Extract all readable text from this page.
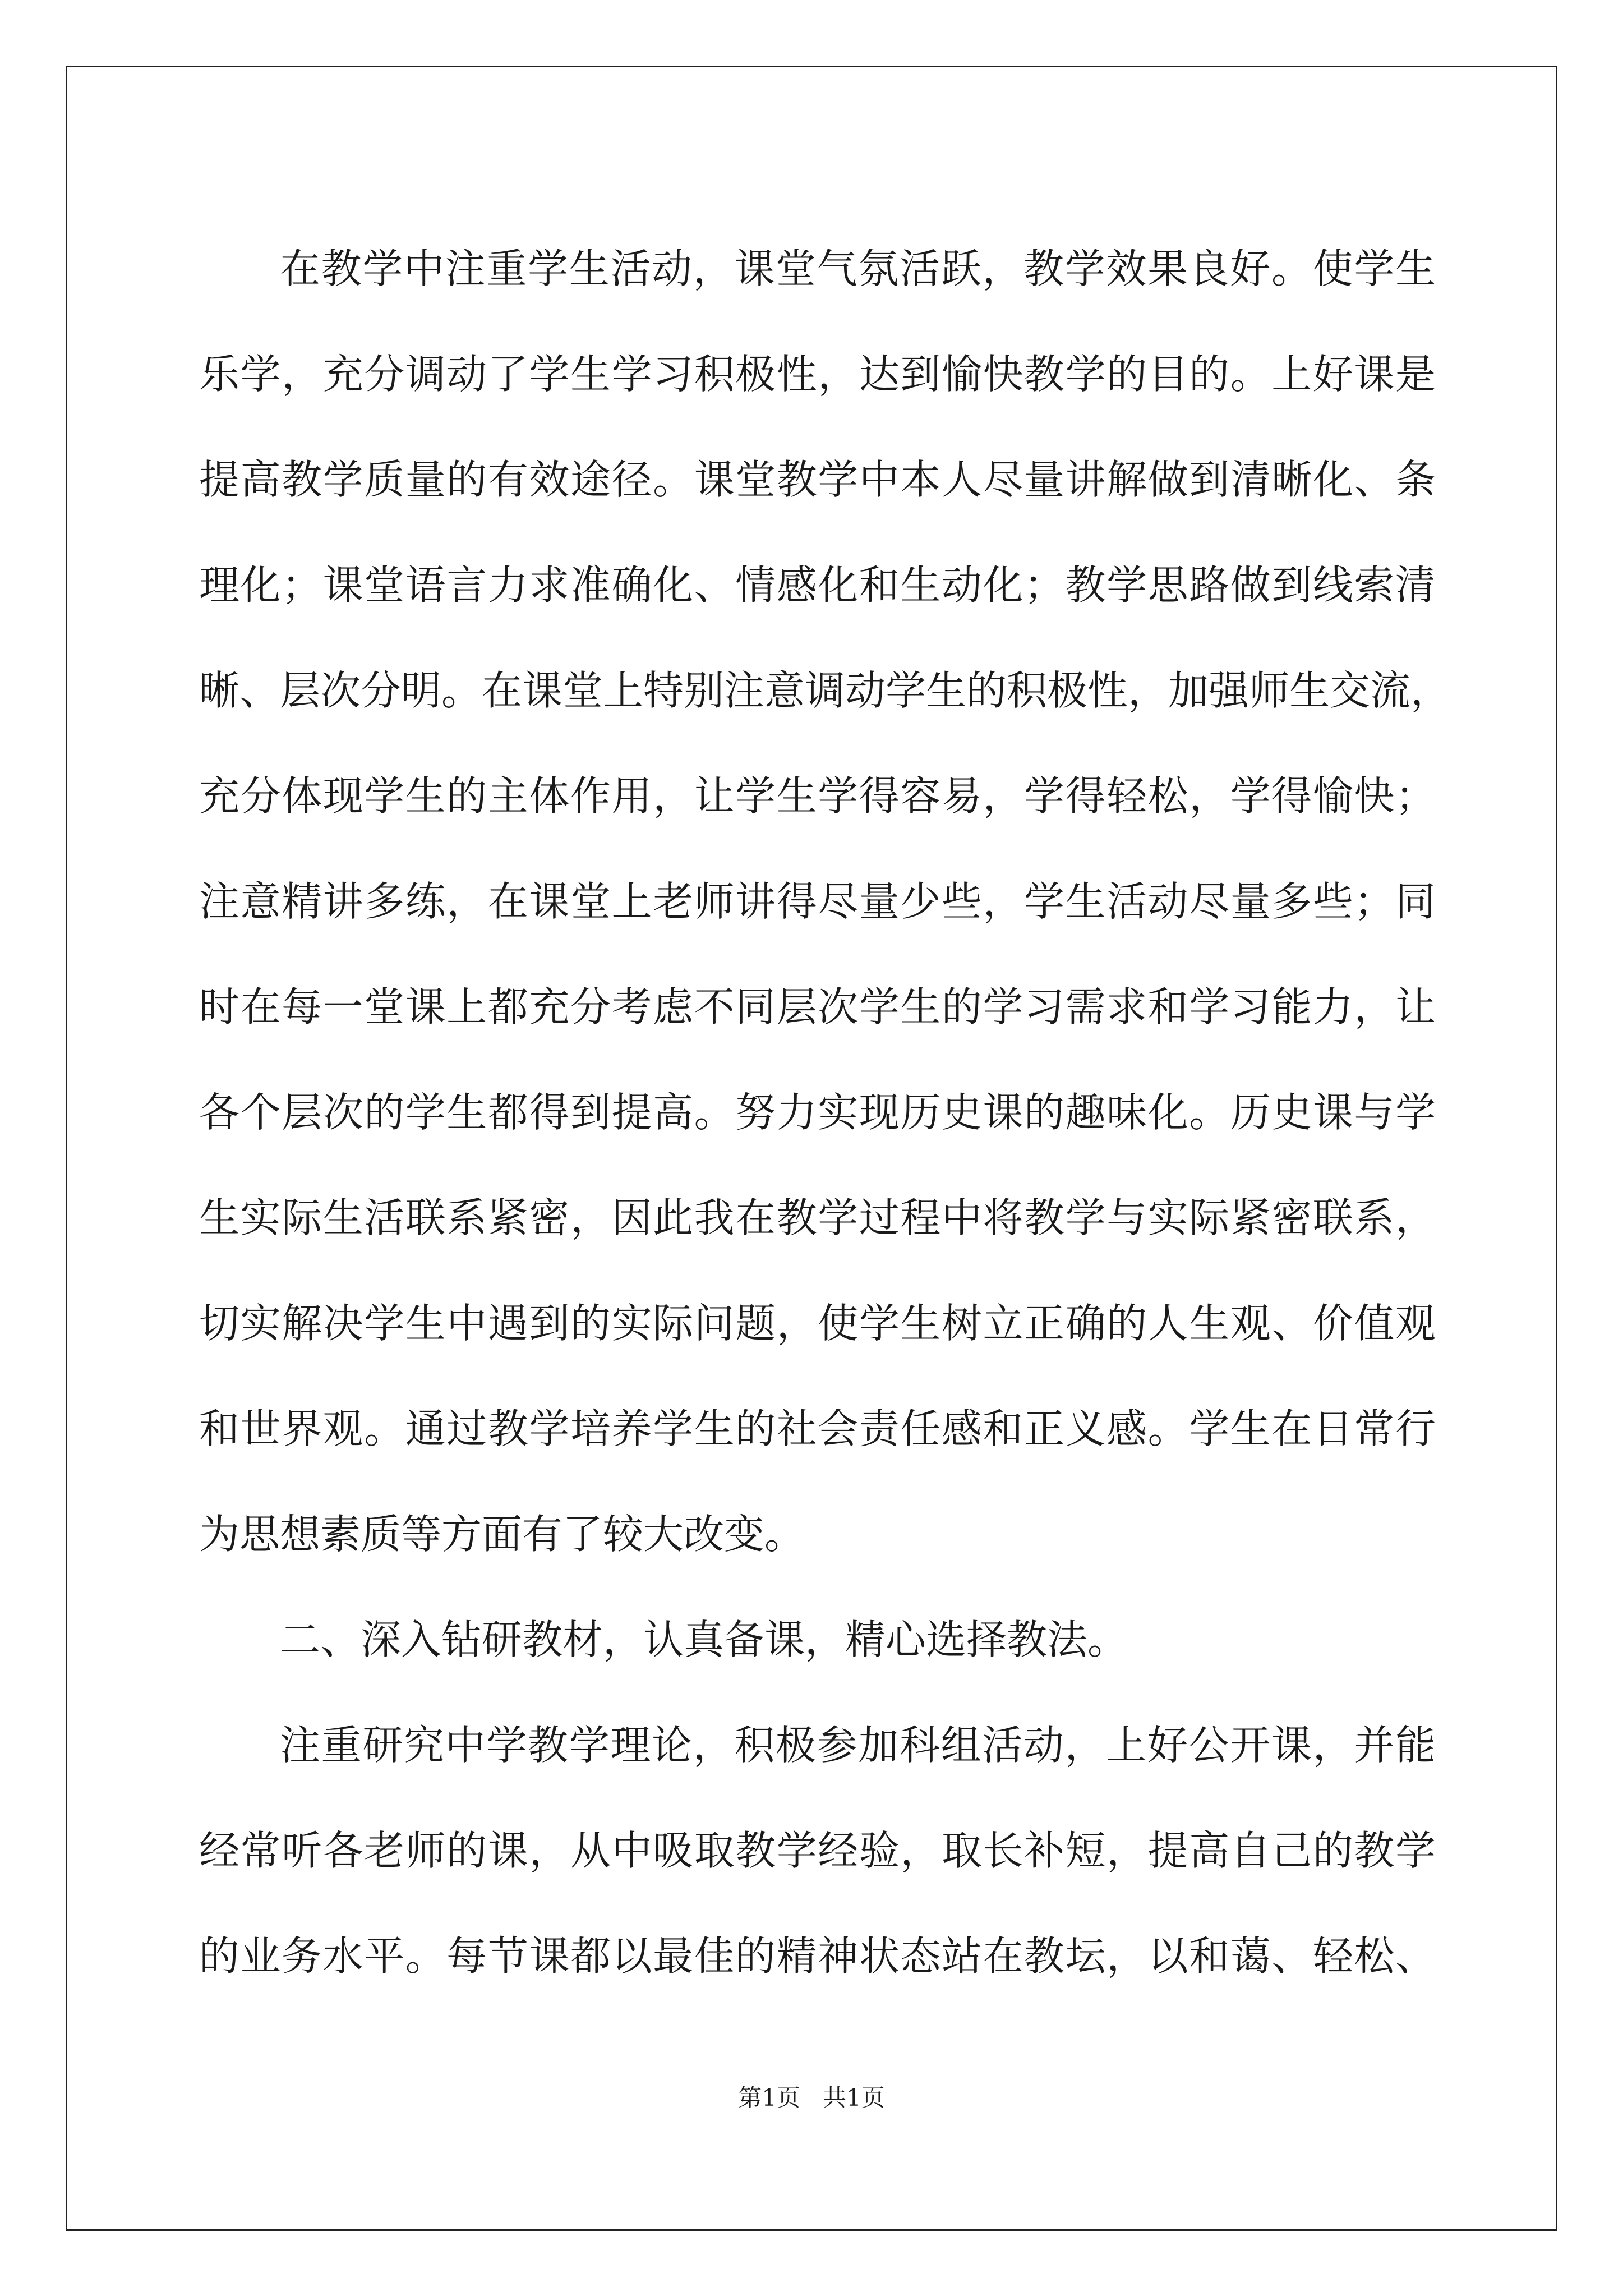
在教学中注重学生活动，课堂气氛活跃，教学效果良好。使学生
乐学，充分调动了学生学习积极性，达到愉快教学的目的。上好课是
提高教学质量的有效途径。课堂教学中本人尽量讲解做到清晰化、条
理化；课堂语言力求准确化、情感化和生动化；教学思路做到线索清
晰、层次分明。在课堂上特别注意调动学生的积极性，加强师生交流，
充分体现学生的主体作用，让学生学得容易，学得轻松，学得愉快；
注意精讲多练，在课堂上老师讲得尽量少些，学生活动尽量多些；同
时在每一堂课上都充分考虑不同层次学生的学习需求和学习能力，让
各个层次的学生都得到提高。努力实现历史课的趣味化。历史课与学
生实际生活联系紧密，因此我在教学过程中将教学与实际紧密联系，
切实解决学生中遇到的实际问题，使学生树立正确的人生观、价值观
和世界观。通过教学培养学生的社会责任感和正义感。学生在日常行
为思想素质等方面有了较大改变。
二、深入钻研教材，认真备课，精心选择教法。
注重研究中学教学理论，积极参加科组活动，上好公开课，并能
经常听各老师的课，从中吸取教学经验，取长补短，提高自己的教学
的业务水平。每节课都以最佳的精神状态站在教坛，以和蔼、轻松、
第1页 共1页
